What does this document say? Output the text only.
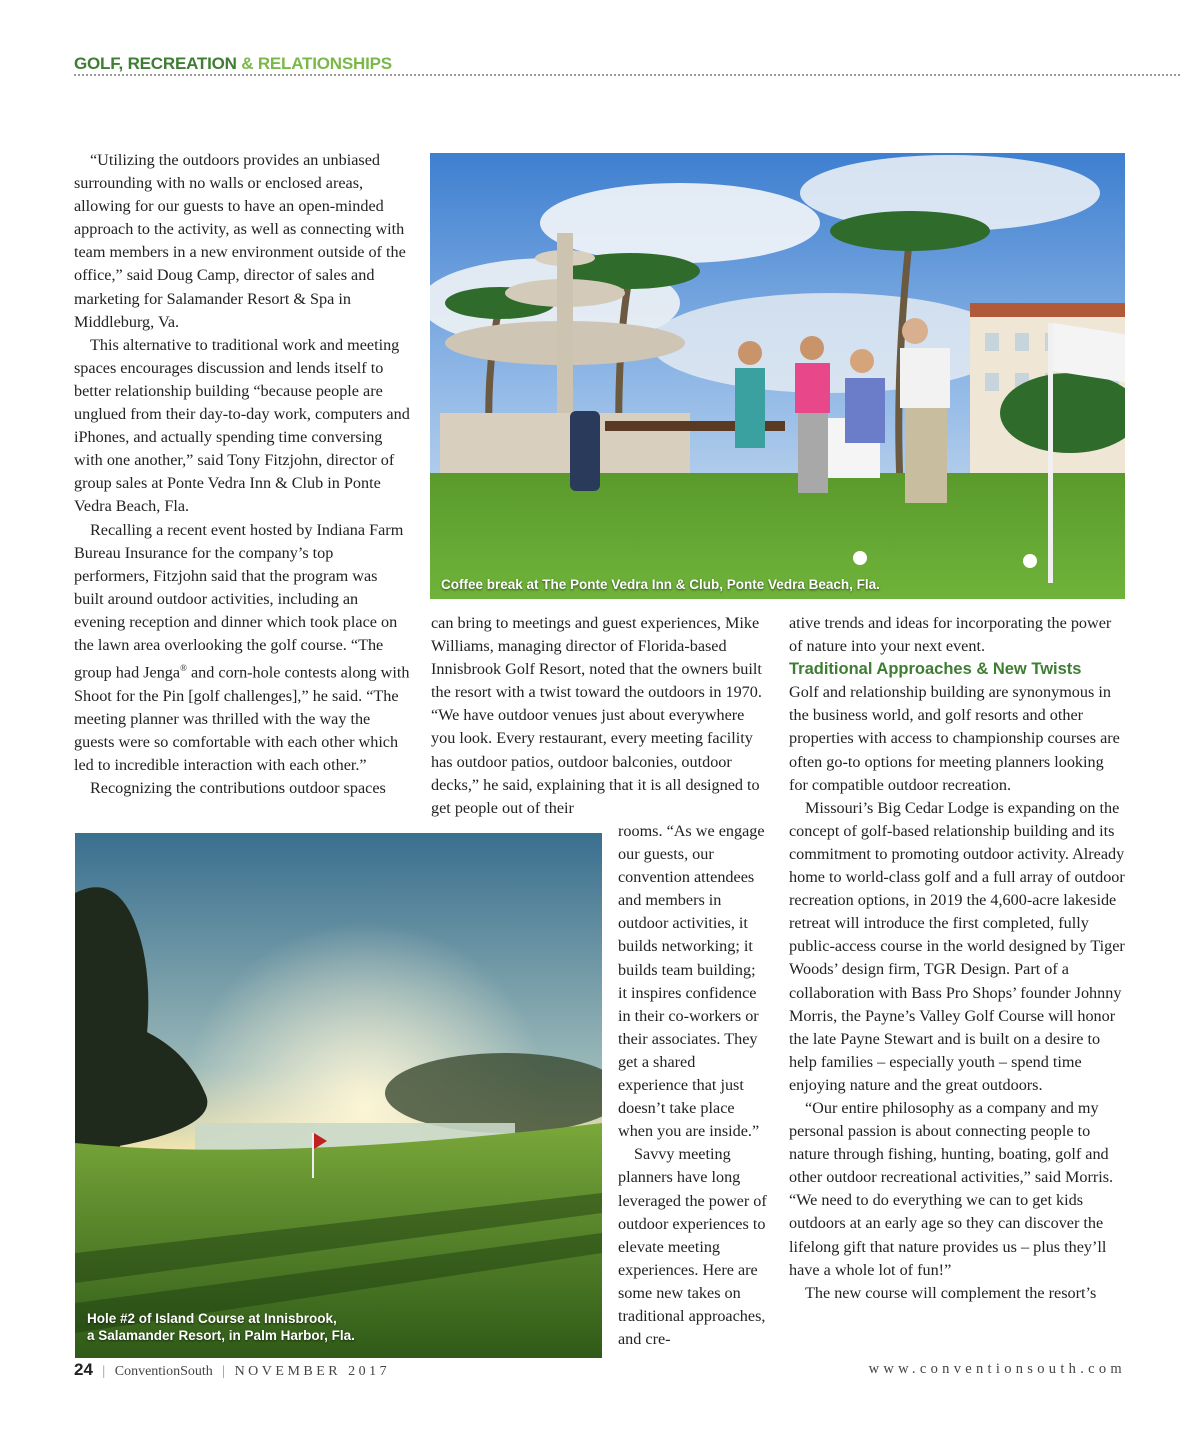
GOLF, RECREATION & RELATIONSHIPS

“Utilizing the outdoors provides an unbiased surrounding with no walls or enclosed areas, allowing for our guests to have an open-minded approach to the activity, as well as connecting with team members in a new environment outside of the office,” said Doug Camp, director of sales and marketing for Salamander Resort & Spa in Middleburg, Va.

This alternative to traditional work and meeting spaces encourages discussion and lends itself to better relationship building “because people are unglued from their day-to-day work, computers and iPhones, and actually spending time conversing with one another,” said Tony Fitzjohn, director of group sales at Ponte Vedra Inn & Club in Ponte Vedra Beach, Fla.

Recalling a recent event hosted by Indiana Farm Bureau Insurance for the company’s top performers, Fitzjohn said that the program was built around outdoor activities, including an evening reception and dinner which took place on the lawn area overlooking the golf course. “The group had Jenga® and corn-hole contests along with Shoot for the Pin [golf challenges],” he said. “The meeting planner was thrilled with the way the guests were so comfortable with each other which led to incredible interaction with each other.”

Recognizing the contributions outdoor spaces

Coffee break at The Ponte Vedra Inn & Club, Ponte Vedra Beach, Fla.

can bring to meetings and guest experiences, Mike Williams, managing director of Florida-based Innisbrook Golf Resort, noted that the owners built the resort with a twist toward the outdoors in 1970. “We have outdoor venues just about everywhere you look. Every restaurant, every meeting facility has outdoor patios, outdoor balconies, outdoor decks,” he said, explaining that it is all designed to get people out of their

rooms. “As we engage our guests, our convention attendees and members in outdoor activities, it builds networking; it builds team building; it inspires confidence in their co-workers or their associates. They get a shared experience that just doesn’t take place when you are inside.”

Savvy meeting planners have long leveraged the power of outdoor experiences to elevate meeting experiences. Here are some new takes on traditional approaches, and cre-

Hole #2 of Island Course at Innisbrook,
a Salamander Resort, in Palm Harbor, Fla.

ative trends and ideas for incorporating the power of nature into your next event.

Traditional Approaches & New Twists

Golf and relationship building are synonymous in the business world, and golf resorts and other properties with access to championship courses are often go-to options for meeting planners looking for compatible outdoor recreation.

Missouri’s Big Cedar Lodge is expanding on the concept of golf-based relationship building and its commitment to promoting outdoor activity. Already home to world-class golf and a full array of outdoor recreation options, in 2019 the 4,600-acre lakeside retreat will introduce the first completed, fully public-access course in the world designed by Tiger Woods’ design firm, TGR Design. Part of a collaboration with Bass Pro Shops’ founder Johnny Morris, the Payne’s Valley Golf Course will honor the late Payne Stewart and is built on a desire to help families – especially youth – spend time enjoying nature and the great outdoors.

“Our entire philosophy as a company and my personal passion is about connecting people to nature through fishing, hunting, boating, golf and other outdoor recreational activities,” said Morris. “We need to do everything we can to get kids outdoors at an early age so they can discover the lifelong gift that nature provides us – plus they’ll have a whole lot of fun!”

The new course will complement the resort’s

24 | ConventionSouth | NOVEMBER 2017	www.conventionsouth.com
